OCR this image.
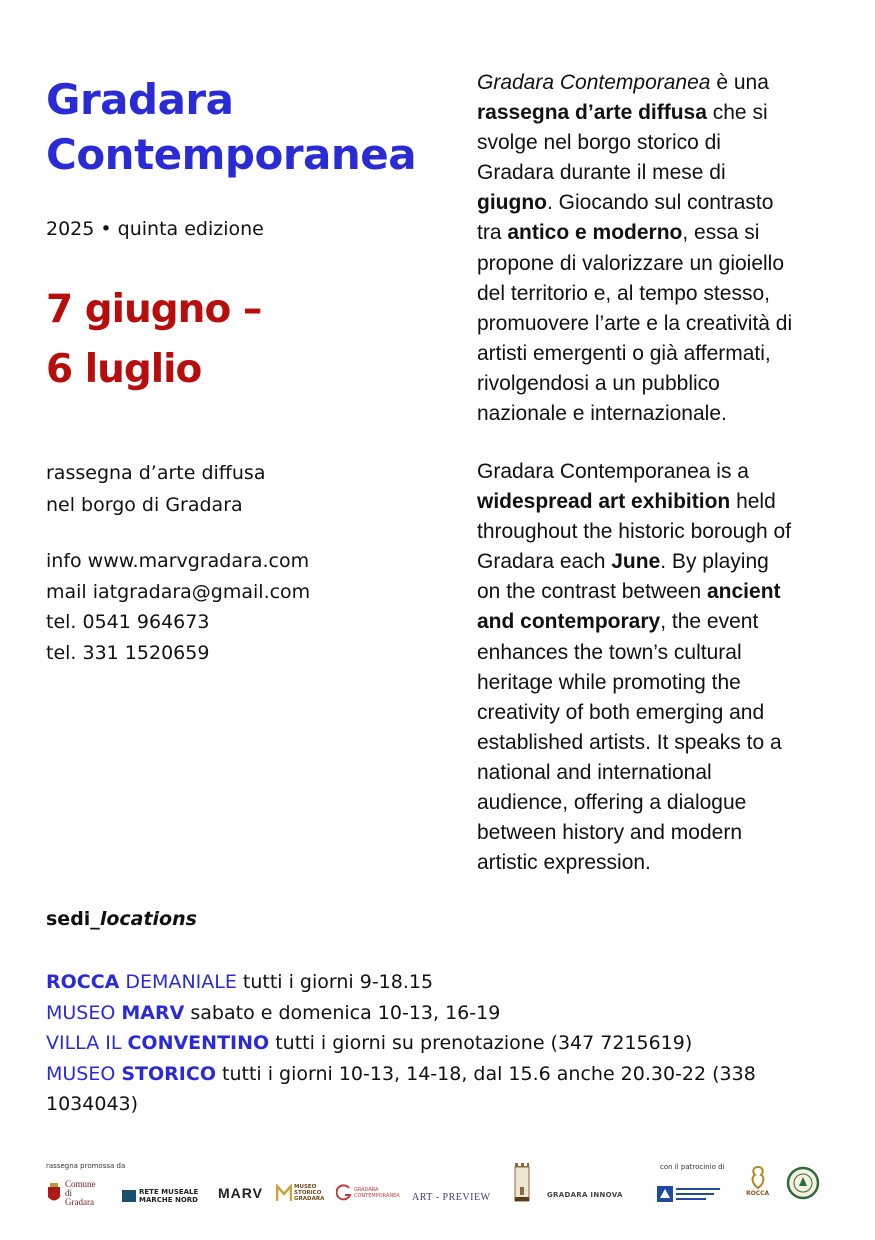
Gradara
Contemporanea
2025 • quinta edizione
7 giugno –
6 luglio
rassegna d’arte diffusa
nel borgo di Gradara
info www.marvgradara.com
mail iatgradara@gmail.com
tel. 0541 964673
tel. 331 1520659
Gradara Contemporanea è una
rassegna d’arte diffusa che si
svolge nel borgo storico di
Gradara durante il mese di
giugno. Giocando sul contrasto
tra antico e moderno, essa si
propone di valorizzare un gioiello
del territorio e, al tempo stesso,
promuovere l’arte e la creatività di
artisti emergenti o già affermati,
rivolgendosi a un pubblico
nazionale e internazionale.
Gradara Contemporanea is a
widespread art exhibition held
throughout the historic borough of
Gradara each June. By playing
on the contrast between ancient
and contemporary, the event
enhances the town’s cultural
heritage while promoting the
creativity of both emerging and
established artists. It speaks to a
national and international
audience, offering a dialogue
between history and modern
artistic expression.
sedi_locations
ROCCA DEMANIALE tutti i giorni 9-18.15
MUSEO MARV sabato e domenica 10-13, 16-19
VILLA IL CONVENTINO tutti i giorni su prenotazione (347 7215619)
MUSEO STORICO tutti i giorni 10-13, 14-18, dal 15.6 anche 20.30-22 (338 1034043)
rassegna promossa da	con il patrocinio di
Comune di Gradara
RETE MUSEALE
MARCHE NORD MARV	MUSEO
STORICO
GRADARA
GRADARA
CONTEMPORANEA ART - PREVIEW	GRADARA INNOVA	ROCCA
